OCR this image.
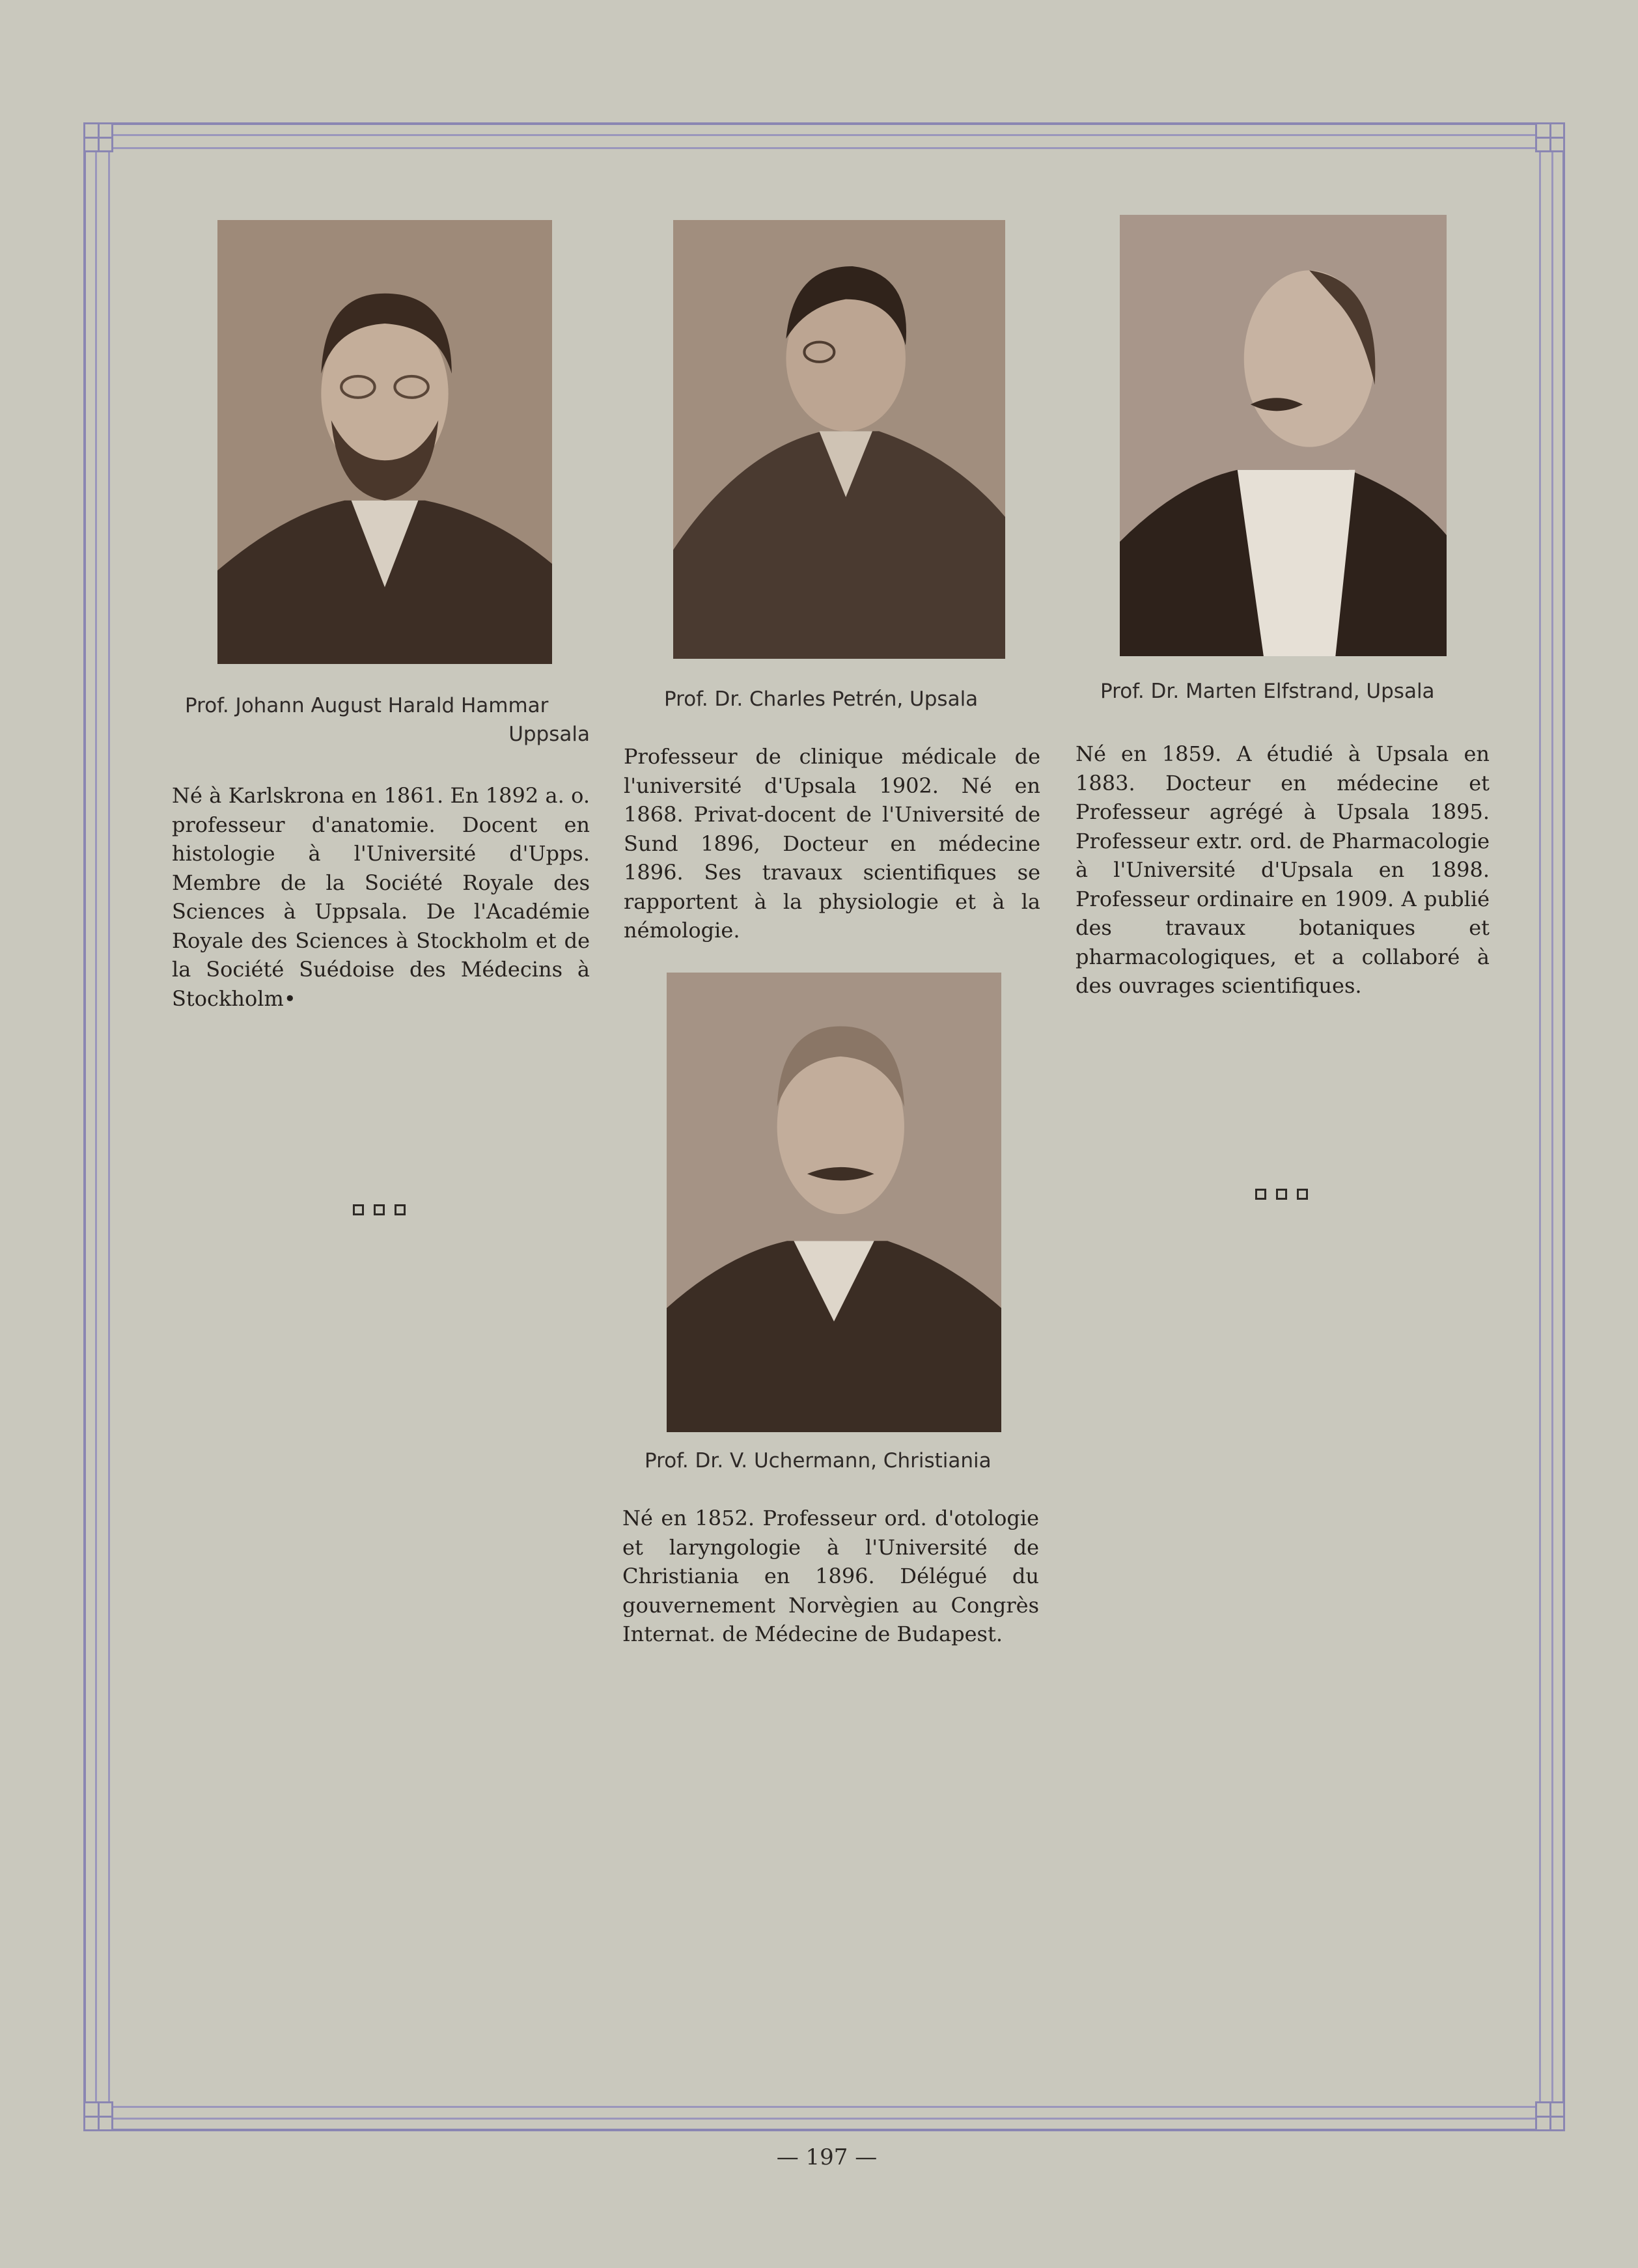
Prof. Johann August Harald Hammar
Uppsala

Né à Karlskrona en 1861. En 1892 a. o. professeur d'anatomie. Docent en histologie à l'Université d'Upps. Membre de la Société Royale des Sciences à Uppsala. De l'Académie Royale des Sciences à Stockholm et de la Société Suédoise des Médecins à Stockholm•

Prof. Dr. Charles Petrén, Upsala

Professeur de clinique médicale de l'université d'Upsala 1902. Né en 1868. Privat-docent de l'Université de Sund 1896, Docteur en médecine 1896. Ses travaux scientifiques se rapportent à la physiologie et à la némologie.

Prof. Dr. Marten Elfstrand, Upsala

Né en 1859. A étudié à Upsala en 1883. Docteur en médecine et Professeur agrégé à Upsala 1895. Professeur extr. ord. de Pharmacologie à l'Université d'Upsala en 1898. Professeur ordinaire en 1909. A publié des travaux botaniques et pharmacologiques, et a collaboré à des ouvrages scientifiques.

Prof. Dr. V. Uchermann, Christiania

Né en 1852. Professeur ord. d'otologie et laryngologie à l'Université de Christiania en 1896. Délégué du gouvernement Norvègien au Congrès Internat. de Médecine de Budapest.

— 197 —
